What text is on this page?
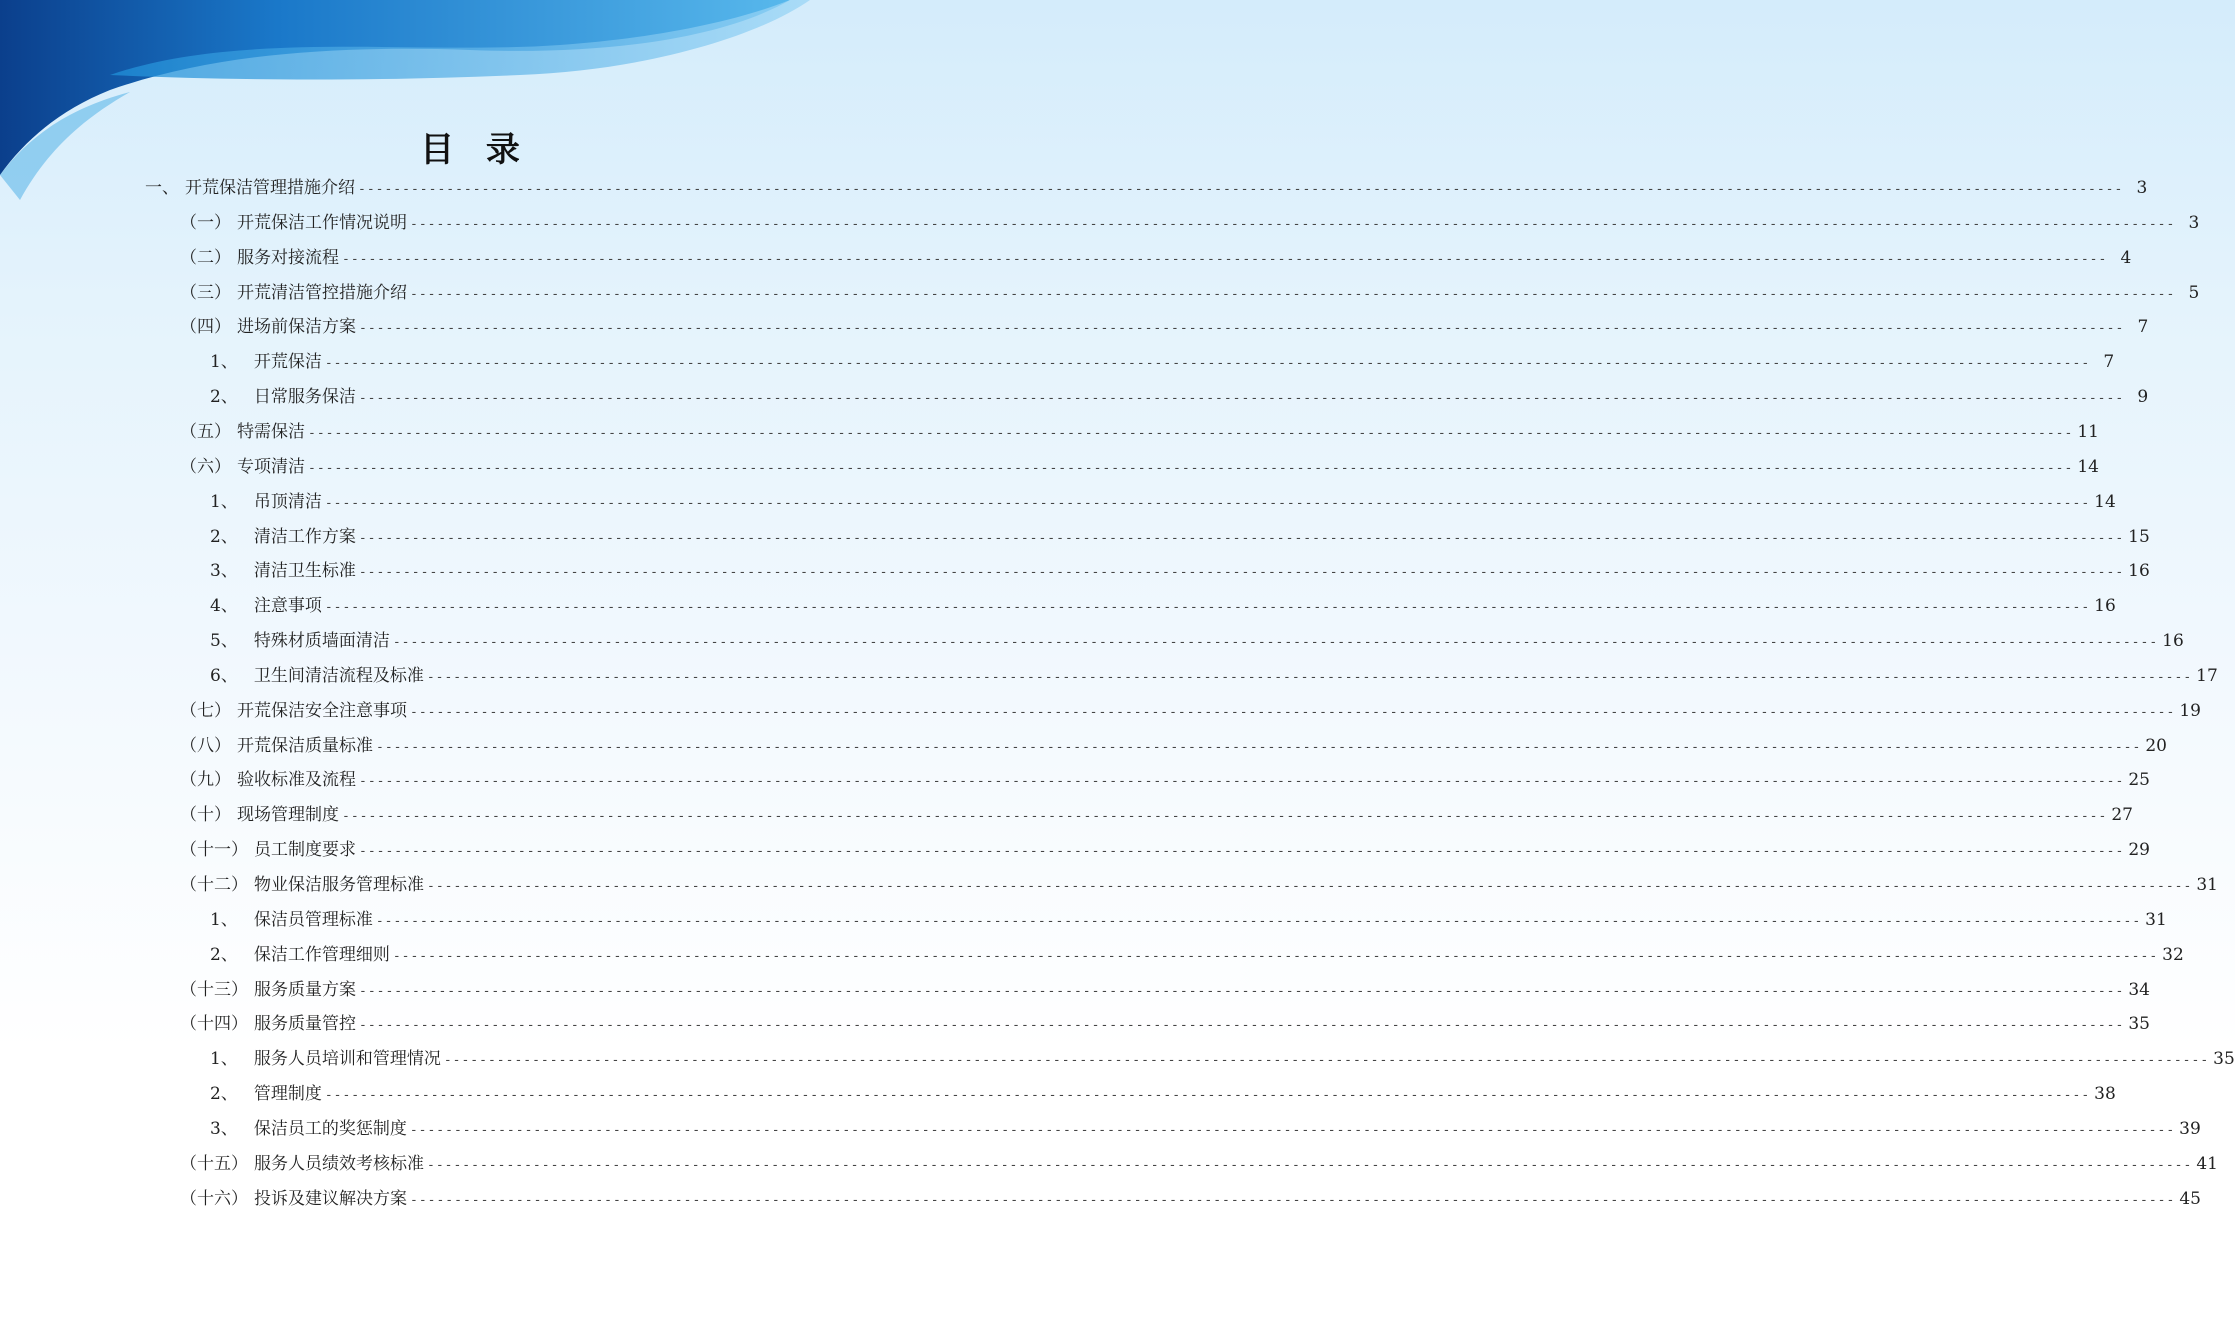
目 录
一、 开荒保洁管理措施介绍 -------------------------------------------------------------------------------------------------------------------------------------------------------------------------------------------------------- 3
（一） 开荒保洁工作情况说明 -------------------------------------------------------------------------------------------------------------------------------------------------------------------------------------------------------- 3
（二） 服务对接流程 -------------------------------------------------------------------------------------------------------------------------------------------------------------------------------------------------------- 4
（三） 开荒清洁管控措施介绍 -------------------------------------------------------------------------------------------------------------------------------------------------------------------------------------------------------- 5
（四） 进场前保洁方案 -------------------------------------------------------------------------------------------------------------------------------------------------------------------------------------------------------- 7
1、 开荒保洁 -------------------------------------------------------------------------------------------------------------------------------------------------------------------------------------------------------- 7
2、 日常服务保洁 -------------------------------------------------------------------------------------------------------------------------------------------------------------------------------------------------------- 9
（五） 特需保洁 -------------------------------------------------------------------------------------------------------------------------------------------------------------------------------------------------------- 11
（六） 专项清洁 -------------------------------------------------------------------------------------------------------------------------------------------------------------------------------------------------------- 14
1、 吊顶清洁 -------------------------------------------------------------------------------------------------------------------------------------------------------------------------------------------------------- 14
2、 清洁工作方案 -------------------------------------------------------------------------------------------------------------------------------------------------------------------------------------------------------- 15
3、 清洁卫生标准 -------------------------------------------------------------------------------------------------------------------------------------------------------------------------------------------------------- 16
4、 注意事项 -------------------------------------------------------------------------------------------------------------------------------------------------------------------------------------------------------- 16
5、 特殊材质墙面清洁 -------------------------------------------------------------------------------------------------------------------------------------------------------------------------------------------------------- 16
6、 卫生间清洁流程及标准 -------------------------------------------------------------------------------------------------------------------------------------------------------------------------------------------------------- 17
（七） 开荒保洁安全注意事项 -------------------------------------------------------------------------------------------------------------------------------------------------------------------------------------------------------- 19
（八） 开荒保洁质量标准 -------------------------------------------------------------------------------------------------------------------------------------------------------------------------------------------------------- 20
（九） 验收标准及流程 -------------------------------------------------------------------------------------------------------------------------------------------------------------------------------------------------------- 25
（十） 现场管理制度 -------------------------------------------------------------------------------------------------------------------------------------------------------------------------------------------------------- 27
（十一） 员工制度要求 -------------------------------------------------------------------------------------------------------------------------------------------------------------------------------------------------------- 29
（十二） 物业保洁服务管理标准 -------------------------------------------------------------------------------------------------------------------------------------------------------------------------------------------------------- 31
1、 保洁员管理标准 -------------------------------------------------------------------------------------------------------------------------------------------------------------------------------------------------------- 31
2、 保洁工作管理细则 -------------------------------------------------------------------------------------------------------------------------------------------------------------------------------------------------------- 32
（十三） 服务质量方案 -------------------------------------------------------------------------------------------------------------------------------------------------------------------------------------------------------- 34
（十四） 服务质量管控 -------------------------------------------------------------------------------------------------------------------------------------------------------------------------------------------------------- 35
1、 服务人员培训和管理情况 -------------------------------------------------------------------------------------------------------------------------------------------------------------------------------------------------------- 35
2、 管理制度 -------------------------------------------------------------------------------------------------------------------------------------------------------------------------------------------------------- 38
3、 保洁员工的奖惩制度 -------------------------------------------------------------------------------------------------------------------------------------------------------------------------------------------------------- 39
（十五） 服务人员绩效考核标准 -------------------------------------------------------------------------------------------------------------------------------------------------------------------------------------------------------- 41
（十六） 投诉及建议解决方案 -------------------------------------------------------------------------------------------------------------------------------------------------------------------------------------------------------- 45
